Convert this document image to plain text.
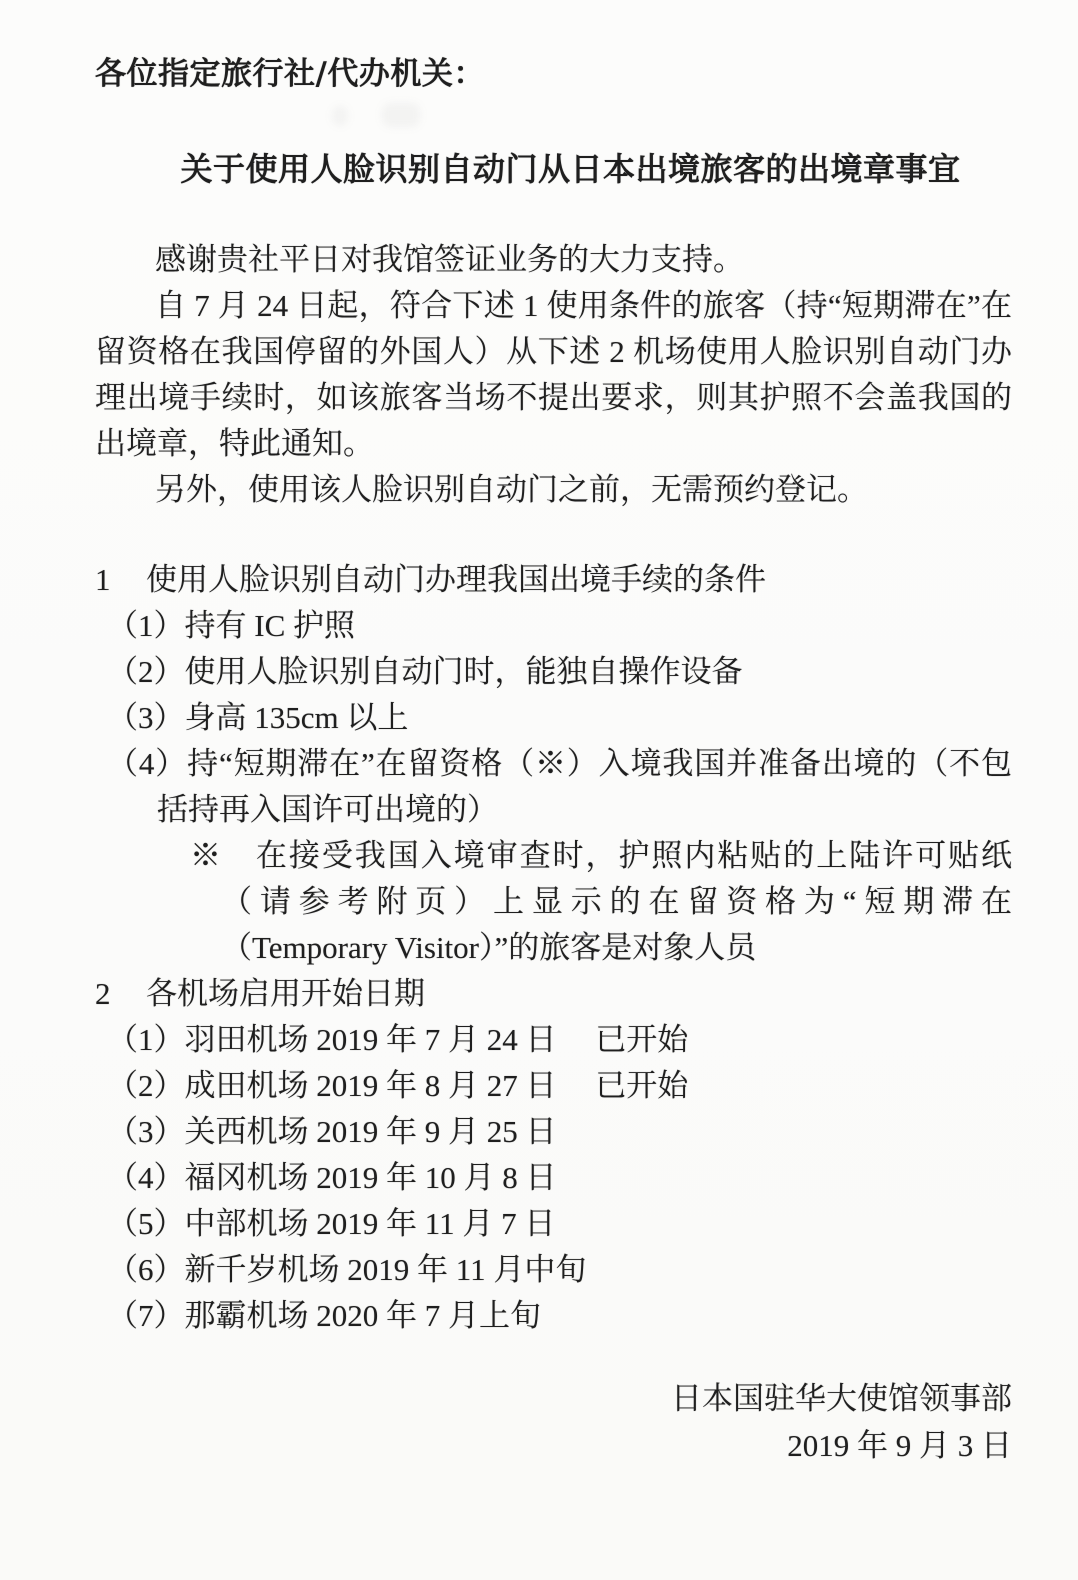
各位指定旅行社/代办机关：
关于使用人脸识别自动门从日本出境旅客的出境章事宜

感谢贵社平日对我馆签证业务的大力支持。

自 7 月 24 日起，符合下述 1 使用条件的旅客（持“短期滞在”在留资格在我国停留的外国人）从下述 2 机场使用人脸识别自动门办理出境手续时，如该旅客当场不提出要求，则其护照不会盖我国的出境章，特此通知。

另外，使用该人脸识别自动门之前，无需预约登记。

1 使用人脸识别自动门办理我国出境手续的条件

（1）持有 IC 护照
（2）使用人脸识别自动门时，能独自操作设备
（3）身高 135cm 以上
（4）持“短期滞在”在留资格（※）入境我国并准备出境的（不包括持再入国许可出境的）
※　在接受我国入境审查时，护照内粘贴的上陆许可贴纸（请参考附页）上显示的在留资格为“短期滞在（Temporary Visitor）”的旅客是对象人员

2 各机场启用开始日期

（1）羽田机场 2019 年 7 月 24 日　 已开始
（2）成田机场 2019 年 8 月 27 日　 已开始
（3）关西机场 2019 年 9 月 25 日
（4）福冈机场 2019 年 10 月 8 日
（5）中部机场 2019 年 11 月 7 日
（6）新千岁机场 2019 年 11 月中旬
（7）那霸机场 2020 年 7 月上旬

日本国驻华大使馆领事部

2019 年 9 月 3 日
